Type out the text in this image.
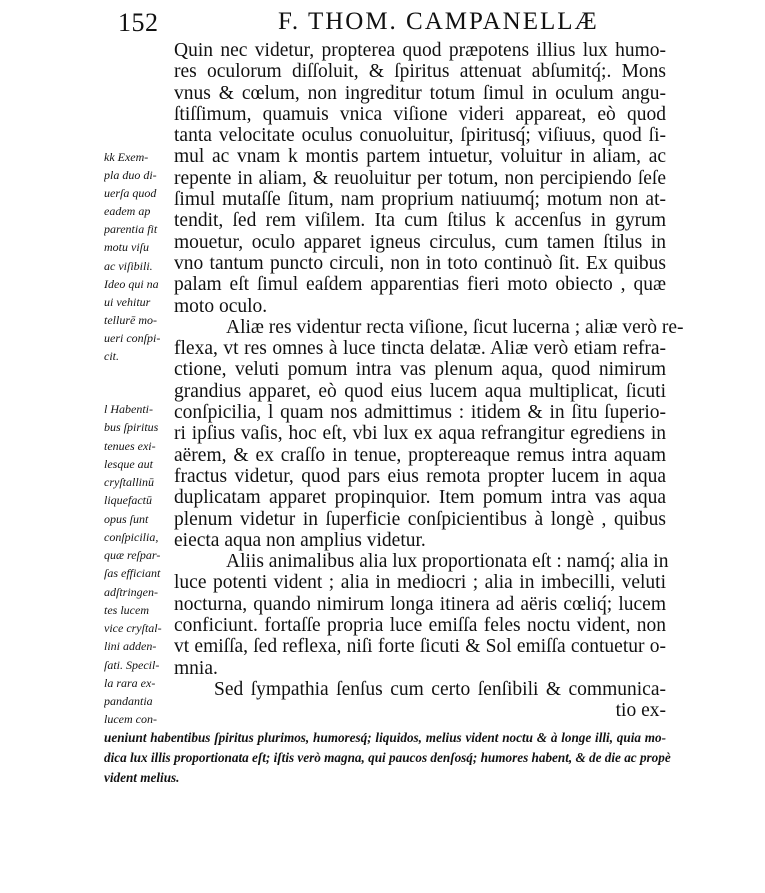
152	F. THOM. CAMPANELLÆ
Quin nec videtur, propterea quod præpotens illius lux humo-
res oculorum diſſoluit, & ſpiritus attenuat abſumitq́;. Mons
vnus & cœlum, non ingreditur totum ſimul in oculum angu-
ſtiſſimum, quamuis vnica viſione videri appareat, eò quod
tanta velocitate oculus conuoluitur, ſpiritusq́; viſiuus, quod ſi-
mul ac vnam k montis partem intuetur, voluitur in aliam, ac
repente in aliam, & reuoluitur per totum, non percipiendo ſeſe
ſimul mutaſſe ſitum, nam proprium natiuumq́; motum non at-
tendit, ſed rem viſilem. Ita cum ſtilus k accenſus in gyrum
mouetur, oculo apparet igneus circulus, cum tamen ſtilus in
vno tantum puncto circuli, non in toto continuò ſit. Ex quibus
palam eſt ſimul eaſdem apparentias fieri moto obiecto , quæ
moto oculo.
Aliæ res videntur recta viſione, ſicut lucerna ; aliæ verò re-
flexa, vt res omnes à luce tincta delatæ. Aliæ verò etiam refra-
ctione, veluti pomum intra vas plenum aqua, quod nimirum
grandius apparet, eò quod eius lucem aqua multiplicat, ſicuti
conſpicilia, l quam nos admittimus : itidem & in ſitu ſuperio-
ri ipſius vaſis, hoc eſt, vbi lux ex aqua refrangitur egrediens in
aërem, & ex craſſo in tenue, proptereaque remus intra aquam
fractus videtur, quod pars eius remota propter lucem in aqua
duplicatam apparet propinquior. Item pomum intra vas aqua
plenum videtur in ſuperficie conſpicientibus à longè , quibus
eiecta aqua non amplius videtur.
Aliis animalibus alia lux proportionata eſt : namq́; alia in
luce potenti vident ; alia in mediocri ; alia in imbecilli, veluti
nocturna, quando nimirum longa itinera ad aëris cœliq́; lucem
conficiunt. fortaſſe propria luce emiſſa feles noctu vident, non
vt emiſſa, ſed reflexa, niſi forte ſicuti & Sol emiſſa contuetur o-
mnia.
Sed ſympathia ſenſus cum certo ſenſibili & communica-
tio ex-
kk Exem-
pla duo di-
uerſa quod
eadem ap
parentia fit
motu viſu
ac viſibili.
Ideo qui na
ui vehitur
tellurē mo-
ueri conſpi-
cit.
l Habenti-
bus ſpiritus
tenues exi-
lesque aut
cryſtallinū
liquefactū
opus ſunt
conſpicilia,
quæ reſpar-
ſas efficiant
adſtringen-
tes lucem
vice cryſtal-
lini adden-
ſati. Specil-
la rara ex-
pandantia
lucem con-
ueniunt habentibus ſpiritus plurimos, humoresq́; liquidos, melius vident noctu & à longe illi, quia mo-
dica lux illis proportionata eſt; iſtis verò magna, qui paucos denſosq́; humores habent, & de die ac propè
vident melius.
